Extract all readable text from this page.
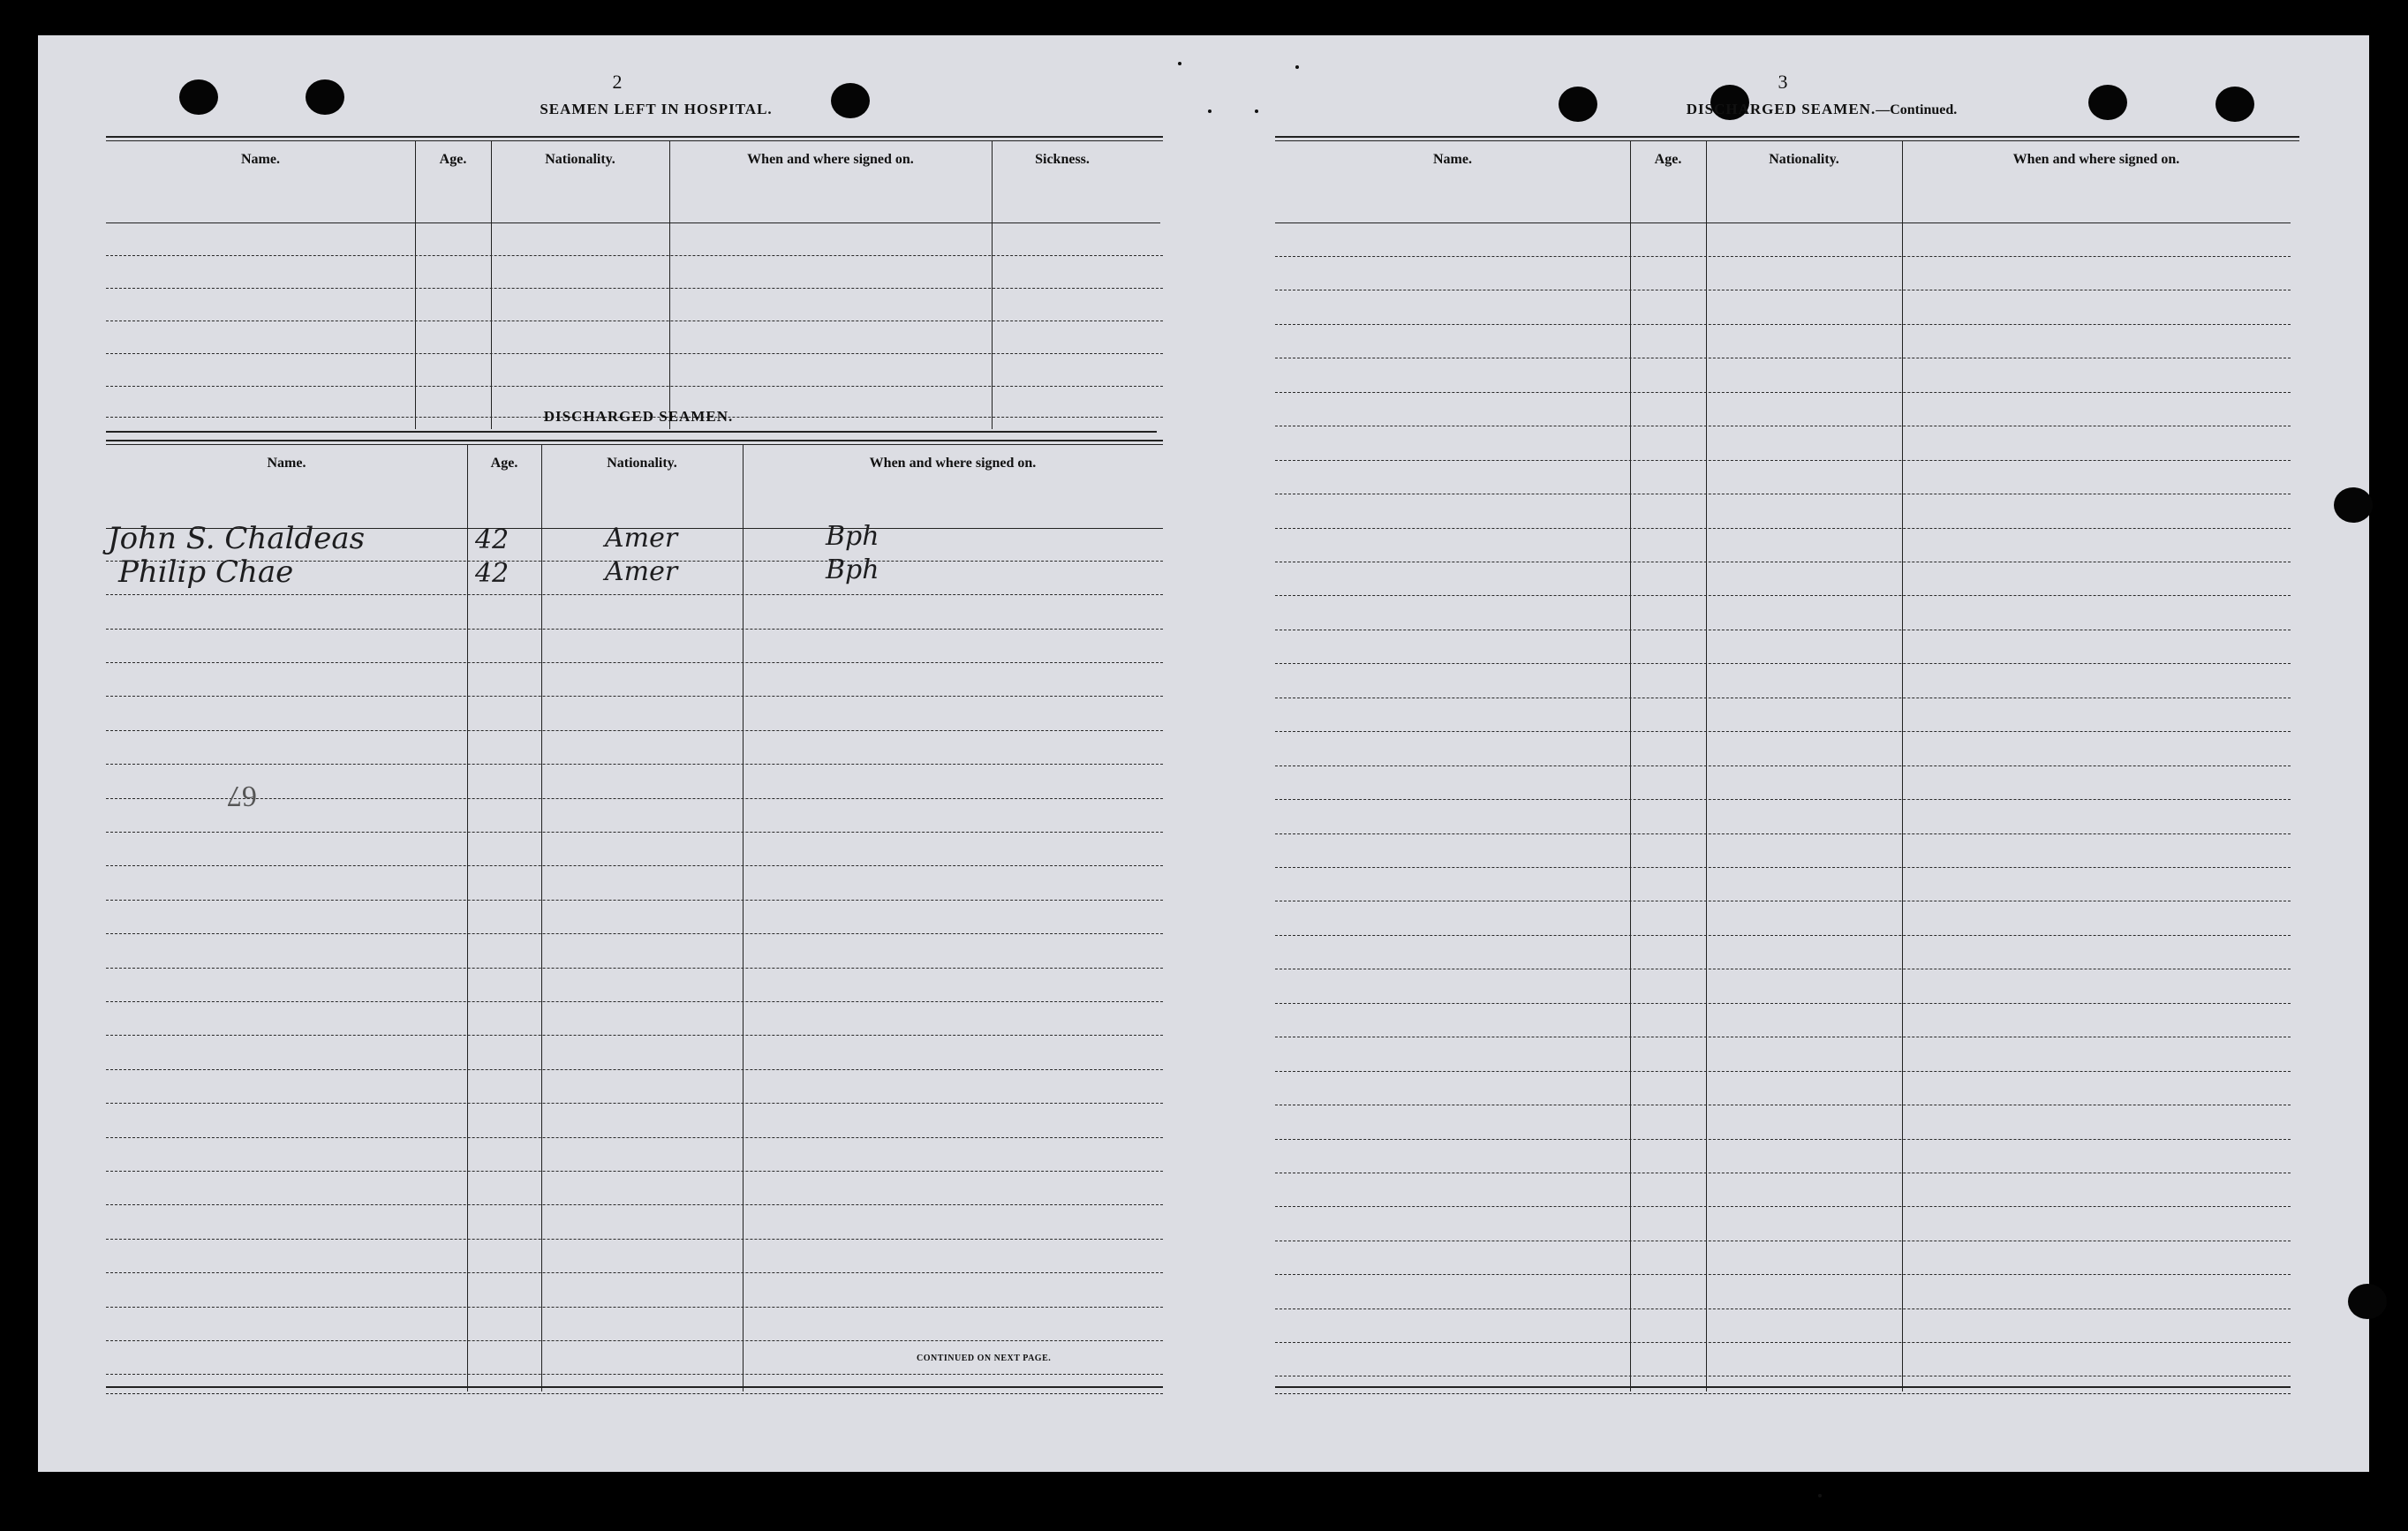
2
SEAMEN LEFT IN HOSPITAL.
Name.	Age.	Nationality.	When and where signed on.	Sickness.
DISCHARGED SEAMEN.
Name.	Age.	Nationality.	When and where signed on.
John S. Chaldeas	42	Amer	Bph
Philip Chae	42	Amer	Bph
67
CONTINUED ON NEXT PAGE.
3
DISCHARGED SEAMEN.—Continued.
Name.	Age.	Nationality.	When and where signed on.
